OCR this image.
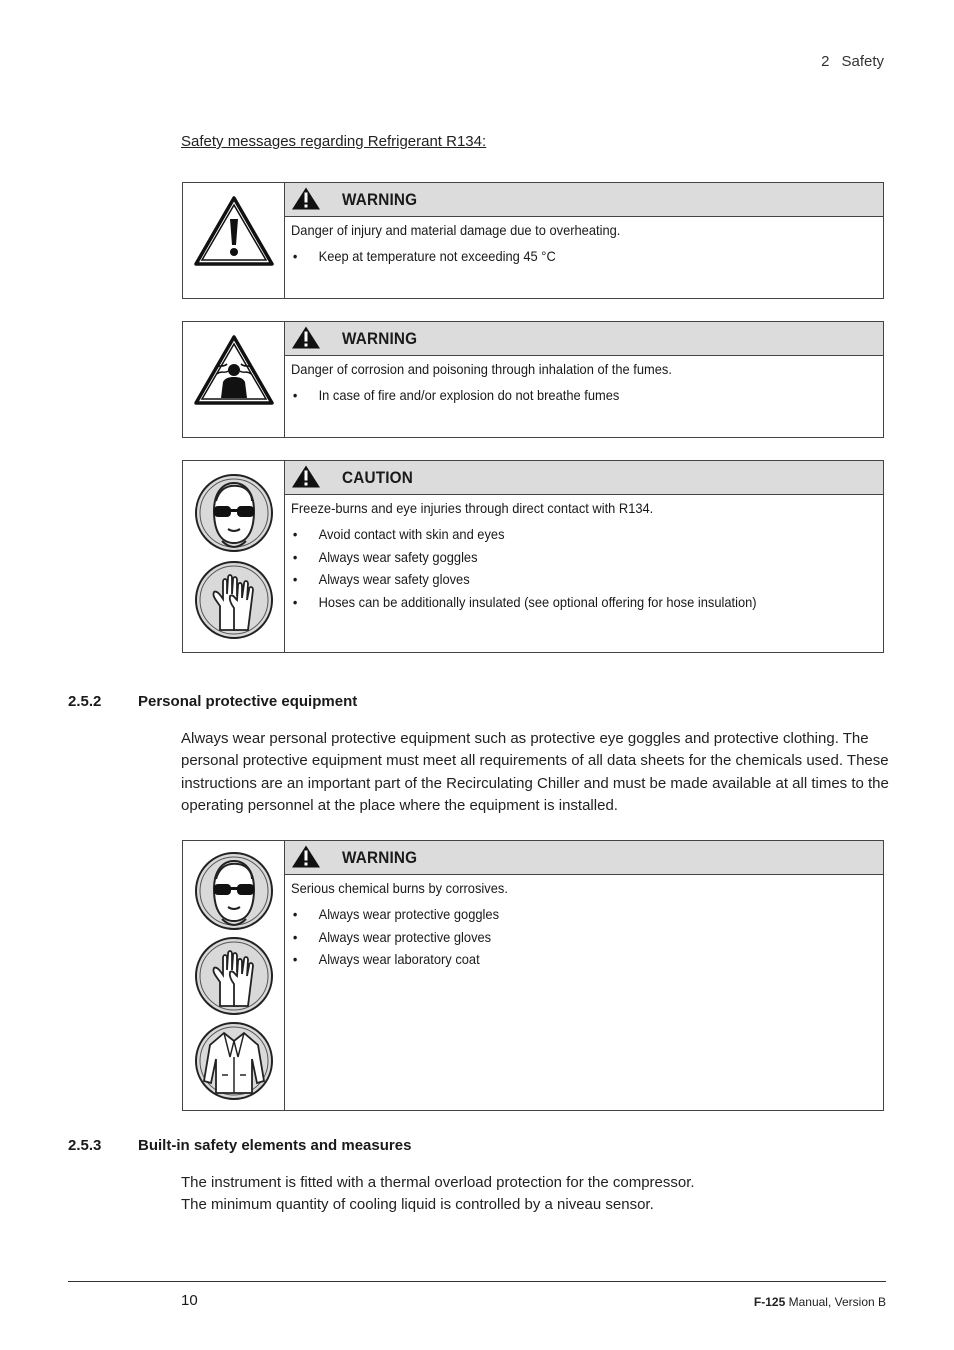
2 Safety
Safety messages regarding Refrigerant R134:
WARNING

Danger of injury and material damage due to overheating.

• Keep at temperature not exceeding 45 °C
WARNING

Danger of corrosion and poisoning through inhalation of the fumes.

• In case of fire and/or explosion do not breathe fumes
CAUTION

Freeze-burns and eye injuries through direct contact with R134.

• Avoid contact with skin and eyes
• Always wear safety goggles
• Always wear safety gloves
• Hoses can be additionally insulated (see optional offering for hose insulation)
2.5.2 Personal protective equipment
Always wear personal protective equipment such as protective eye goggles and protective clothing. The personal protective equipment must meet all requirements of all data sheets for the chemicals used. These instructions are an important part of the Recirculating Chiller and must be made available at all times to the operating personnel at the place where the equipment is installed.
WARNING

Serious chemical burns by corrosives.

• Always wear protective goggles
• Always wear protective gloves
• Always wear laboratory coat
2.5.3 Built-in safety elements and measures
The instrument is fitted with a thermal overload protection for the compressor.
The minimum quantity of cooling liquid is controlled by a niveau sensor.
10	F-125 Manual, Version B
